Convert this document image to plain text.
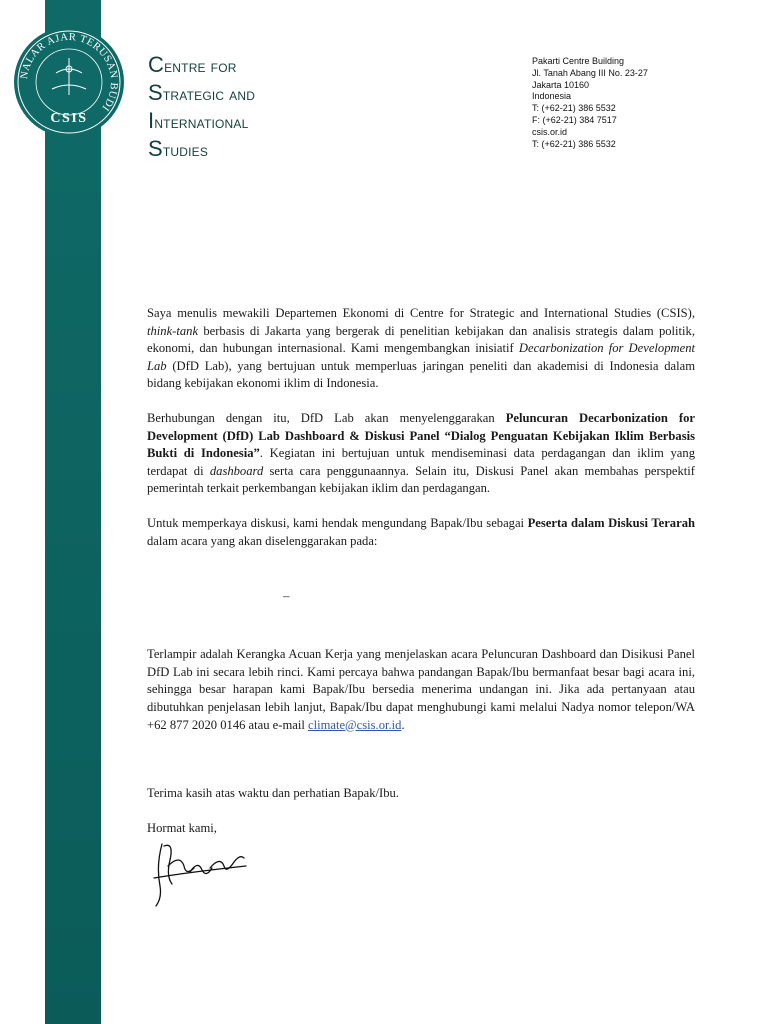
NALAR AJAR TERUSAN BUDI
CSIS
Centre for
Strategic and
International
Studies
Pakarti Centre Building
Jl. Tanah Abang III No. 23-27
Jakarta 10160
Indonesia
T: (+62-21) 386 5532
F: (+62-21) 384 7517
csis.or.id
T: (+62-21) 386 5532

Saya menulis mewakili Departemen Ekonomi di Centre for Strategic and International Studies (CSIS), think-tank berbasis di Jakarta yang bergerak di penelitian kebijakan dan analisis strategis dalam politik, ekonomi, dan hubungan internasional. Kami mengembangkan inisiatif Decarbonization for Development Lab (DfD Lab), yang bertujuan untuk memperluas jaringan peneliti dan akademisi di Indonesia dalam bidang kebijakan ekonomi iklim di Indonesia.

Berhubungan dengan itu, DfD Lab akan menyelenggarakan Peluncuran Decarbonization for Development (DfD) Lab Dashboard & Diskusi Panel “Dialog Penguatan Kebijakan Iklim Berbasis Bukti di Indonesia”. Kegiatan ini bertujuan untuk mendiseminasi data perdagangan dan iklim yang terdapat di dashboard serta cara penggunaannya. Selain itu, Diskusi Panel akan membahas perspektif pemerintah terkait perkembangan kebijakan iklim dan perdagangan.

Untuk memperkaya diskusi, kami hendak mengundang Bapak/Ibu sebagai Peserta dalam Diskusi Terarah dalam acara yang akan diselenggarakan pada:

Terlampir adalah Kerangka Acuan Kerja yang menjelaskan acara Peluncuran Dashboard dan Disikusi Panel DfD Lab ini secara lebih rinci. Kami percaya bahwa pandangan Bapak/Ibu bermanfaat besar bagi acara ini, sehingga besar harapan kami Bapak/Ibu bersedia menerima undangan ini. Jika ada pertanyaan atau dibutuhkan penjelasan lebih lanjut, Bapak/Ibu dapat menghubungi kami melalui Nadya nomor telepon/WA +62 877 2020 0146 atau e-mail climate@csis.or.id.

–
Terima kasih atas waktu dan perhatian Bapak/Ibu.
Hormat kami,
